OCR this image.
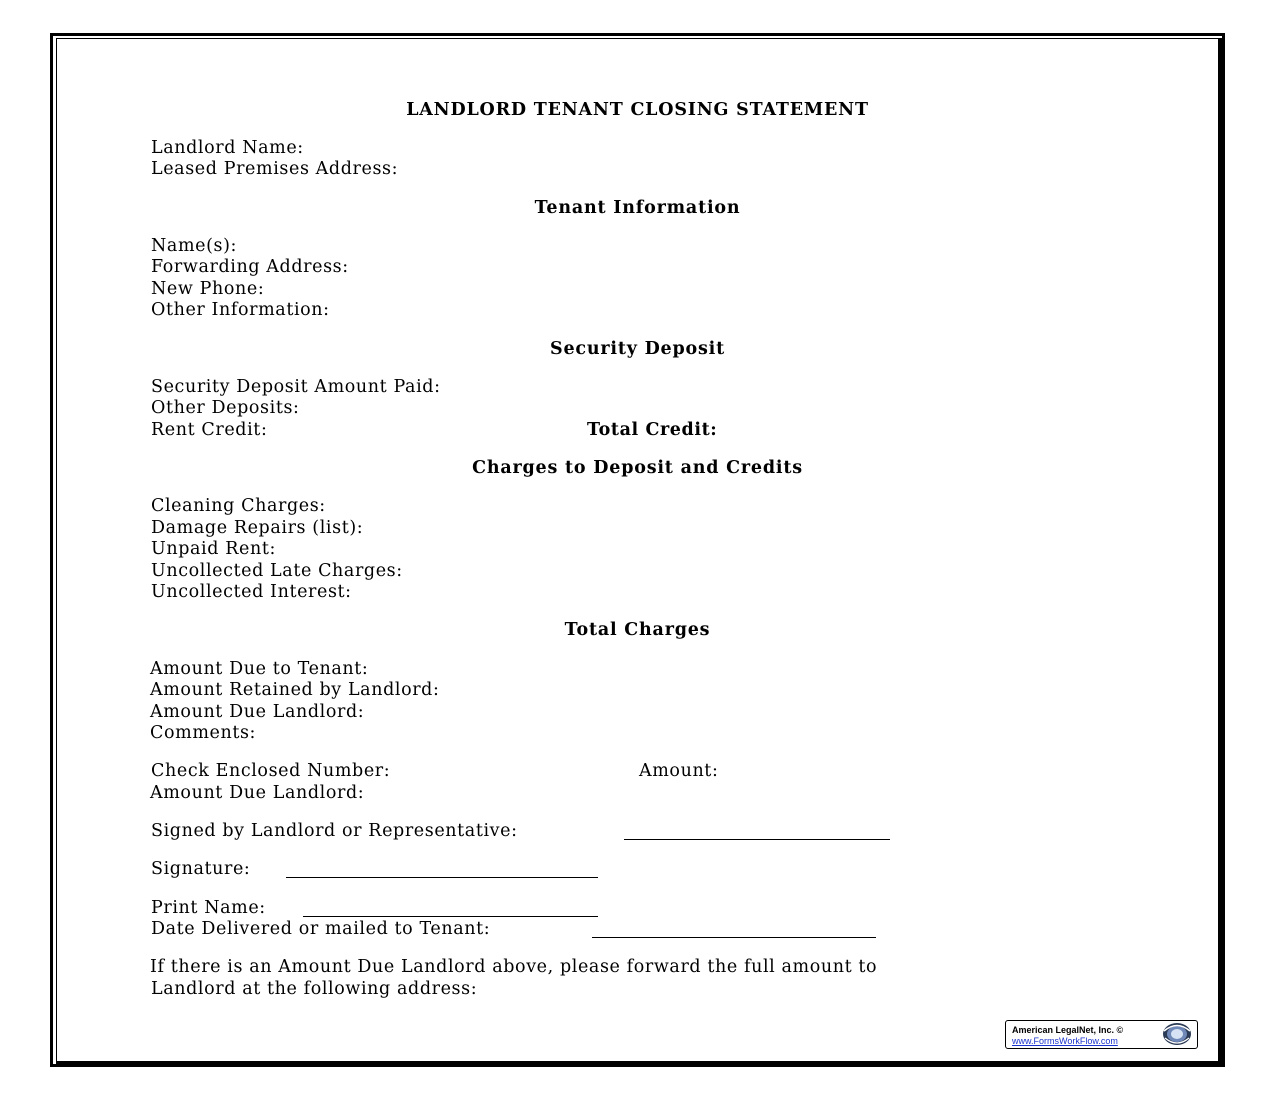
LANDLORD TENANT CLOSING STATEMENT
Landlord Name:
Leased Premises Address:
Tenant Information
Name(s):
Forwarding Address:
New Phone:
Other Information:
Security Deposit
Security Deposit Amount Paid:
Other Deposits:
Rent Credit:	Total Credit:
Charges to Deposit and Credits
Cleaning Charges:
Damage Repairs (list):
Unpaid Rent:
Uncollected Late Charges:
Uncollected Interest:
Total Charges
Amount Due to Tenant:
Amount Retained by Landlord:
Amount Due Landlord:
Comments:
Check Enclosed Number:	Amount:
Amount Due Landlord:
Signed by Landlord or Representative:
Signature:
Print Name:
Date Delivered or mailed to Tenant:
If there is an Amount Due Landlord above, please forward the full amount to
Landlord at the following address:
American LegalNet, Inc. ©
www.FormsWorkFlow.com
